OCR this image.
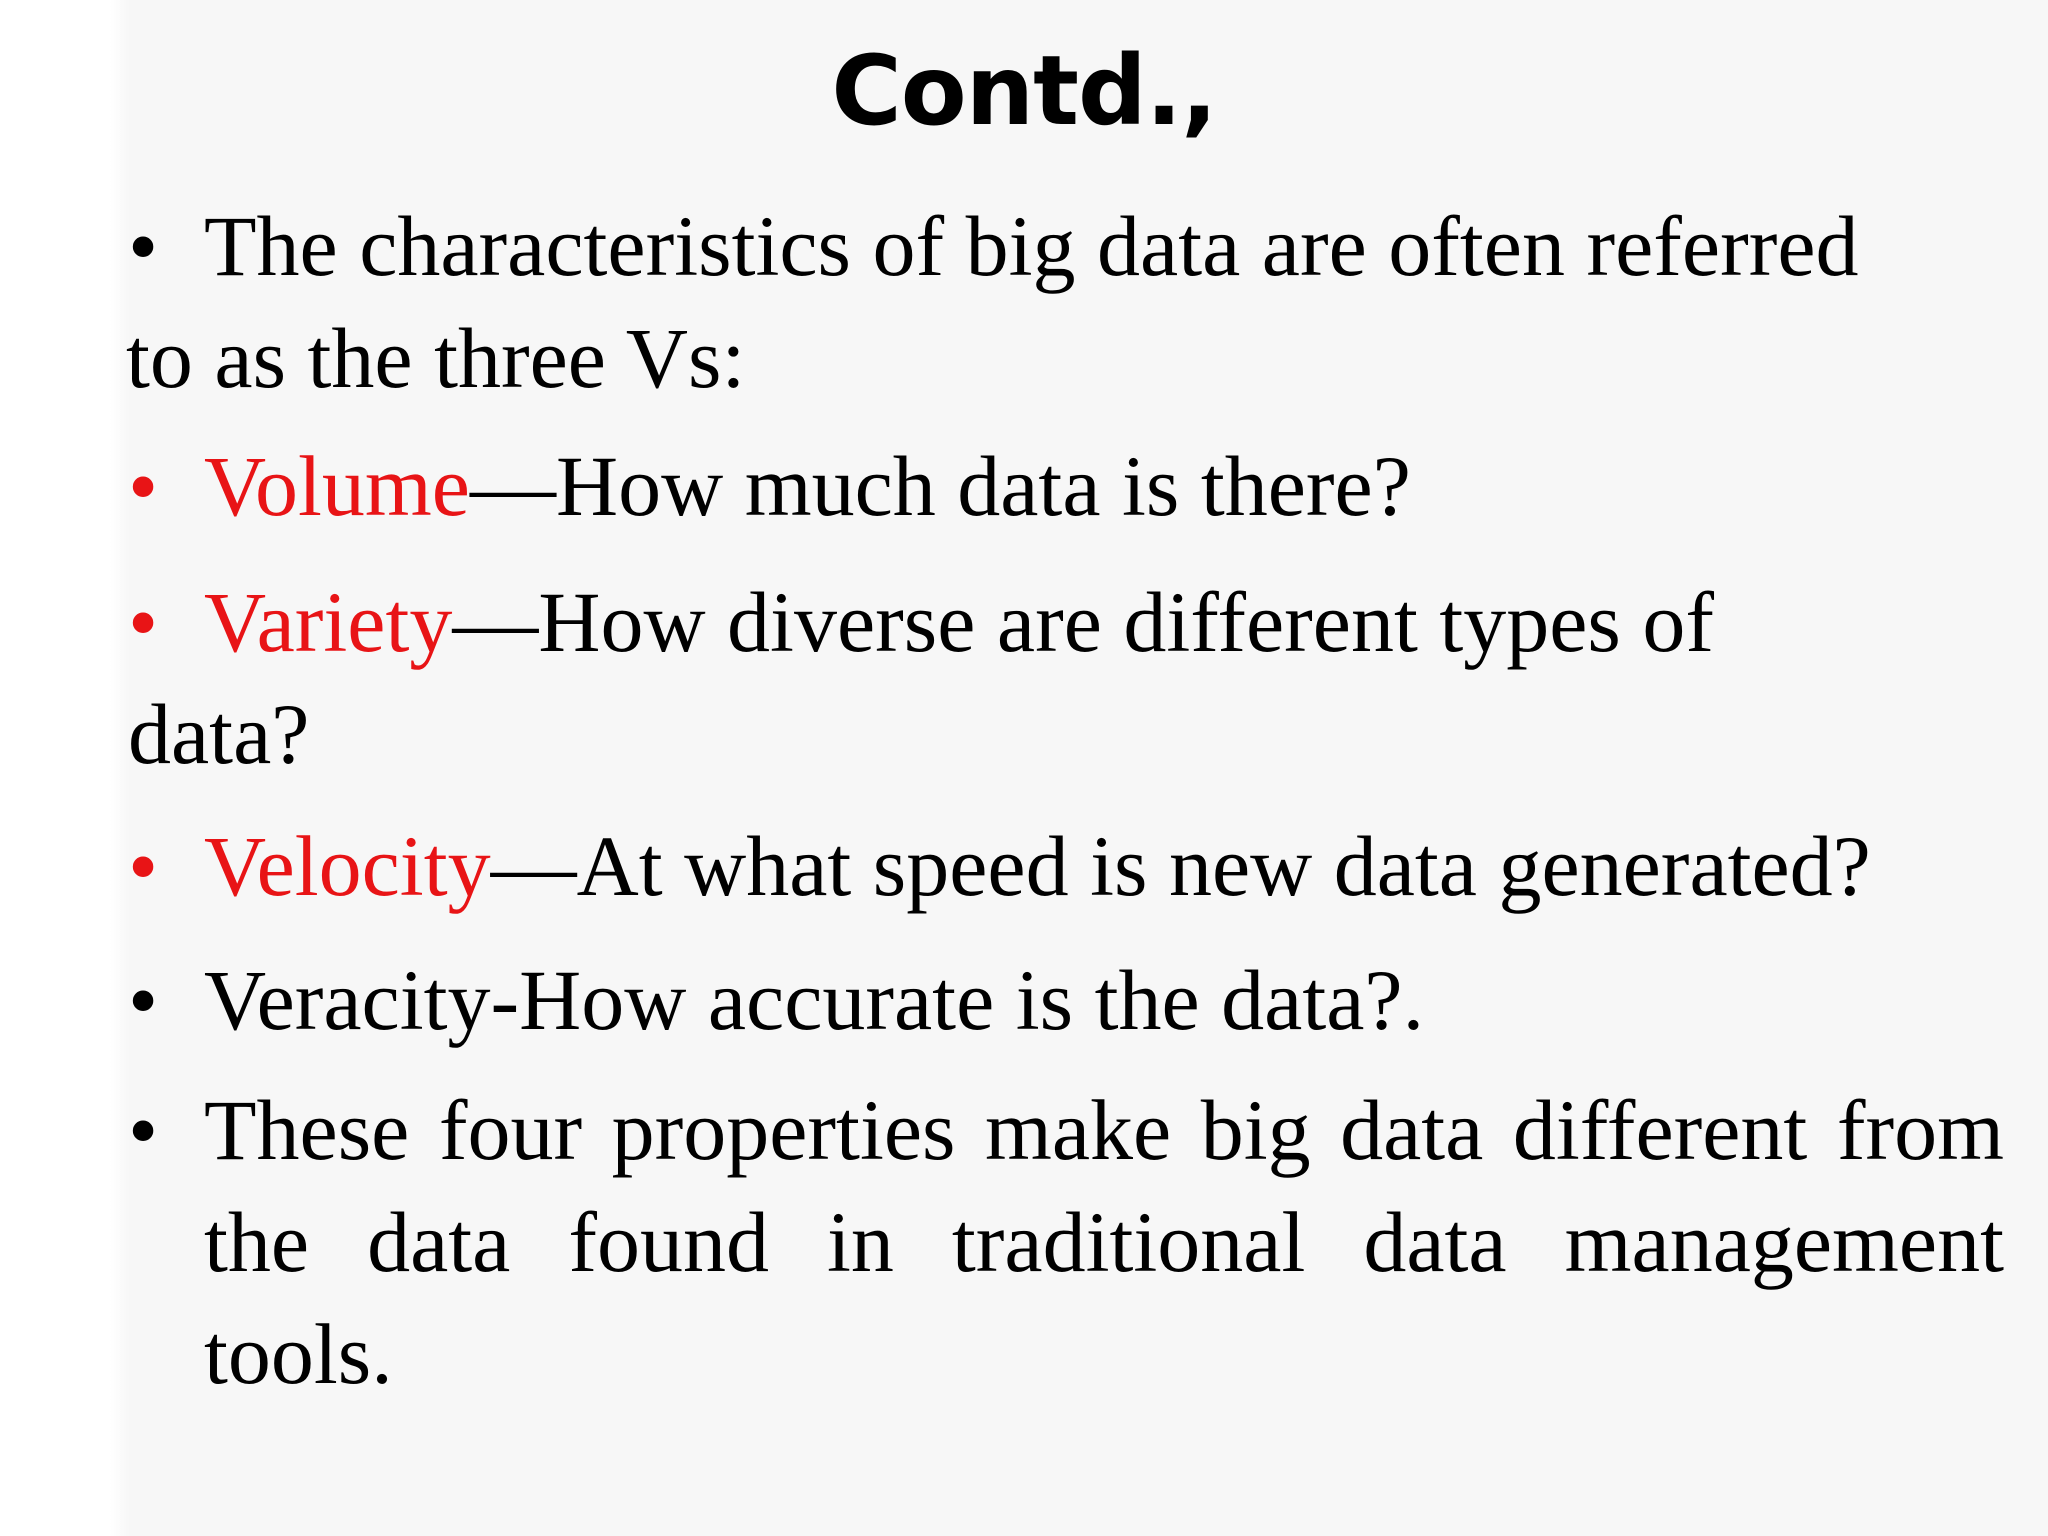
Contd.,
• The characteristics of big data are often referred
to as the three Vs:
• Volume—How much data is there?
• Variety—How diverse are different types of
data?
• Velocity—At what speed is new data generated?
• Veracity-How accurate is the data?.
• These four properties make big data different from the data found in traditional data management tools.
